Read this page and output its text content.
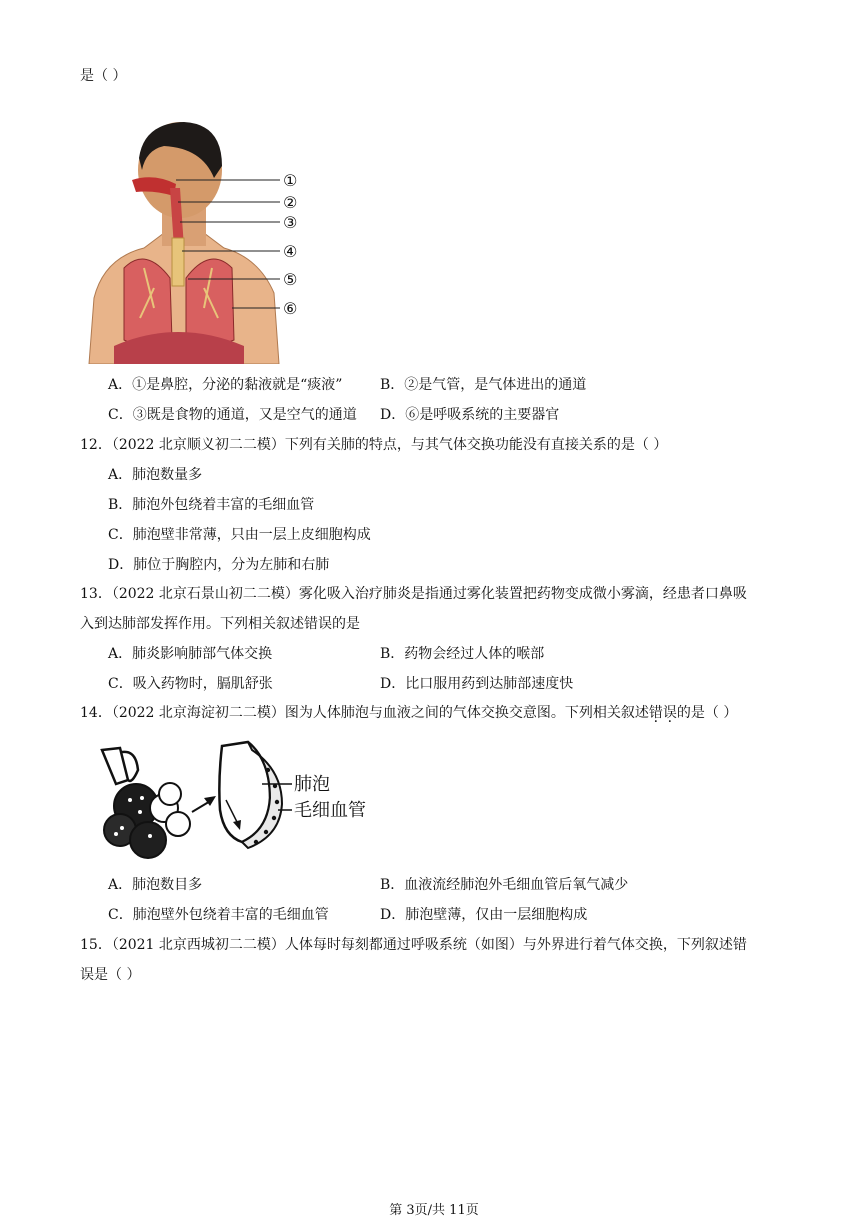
是（ ）
①
②
③
④
⑤
⑥
A．①是鼻腔，分泌的黏液就是“痰液”	B．②是气管，是气体进出的通道
C．③既是食物的通道，又是空气的通道 D．⑥是呼吸系统的主要器官
12．（2022 北京顺义初二二模）下列有关肺的特点，与其气体交换功能没有直接关系的是（ ）
A．肺泡数量多
B．肺泡外包绕着丰富的毛细血管
C．肺泡壁非常薄，只由一层上皮细胞构成
D．肺位于胸腔内，分为左肺和右肺
13．（2022 北京石景山初二二模）雾化吸入治疗肺炎是指通过雾化装置把药物变成微小雾滴，经患者口鼻吸
入到达肺部发挥作用。下列相关叙述错误的是
A．肺炎影响肺部气体交换	B．药物会经过人体的喉部
C．吸入药物时，膈肌舒张	D．比口服用药到达肺部速度快
14．（2022 北京海淀初二二模）图为人体肺泡与血液之间的气体交换交意图。下列相关叙述错误的是（ ）
肺泡
毛细血管
A．肺泡数目多	B．血液流经肺泡外毛细血管后氧气减少
C．肺泡壁外包绕着丰富的毛细血管	D．肺泡壁薄，仅由一层细胞构成
15．（2021 北京西城初二二模）人体每时每刻都通过呼吸系统（如图）与外界进行着气体交换，下列叙述错
误是（ ）
第 3页/共 11页
